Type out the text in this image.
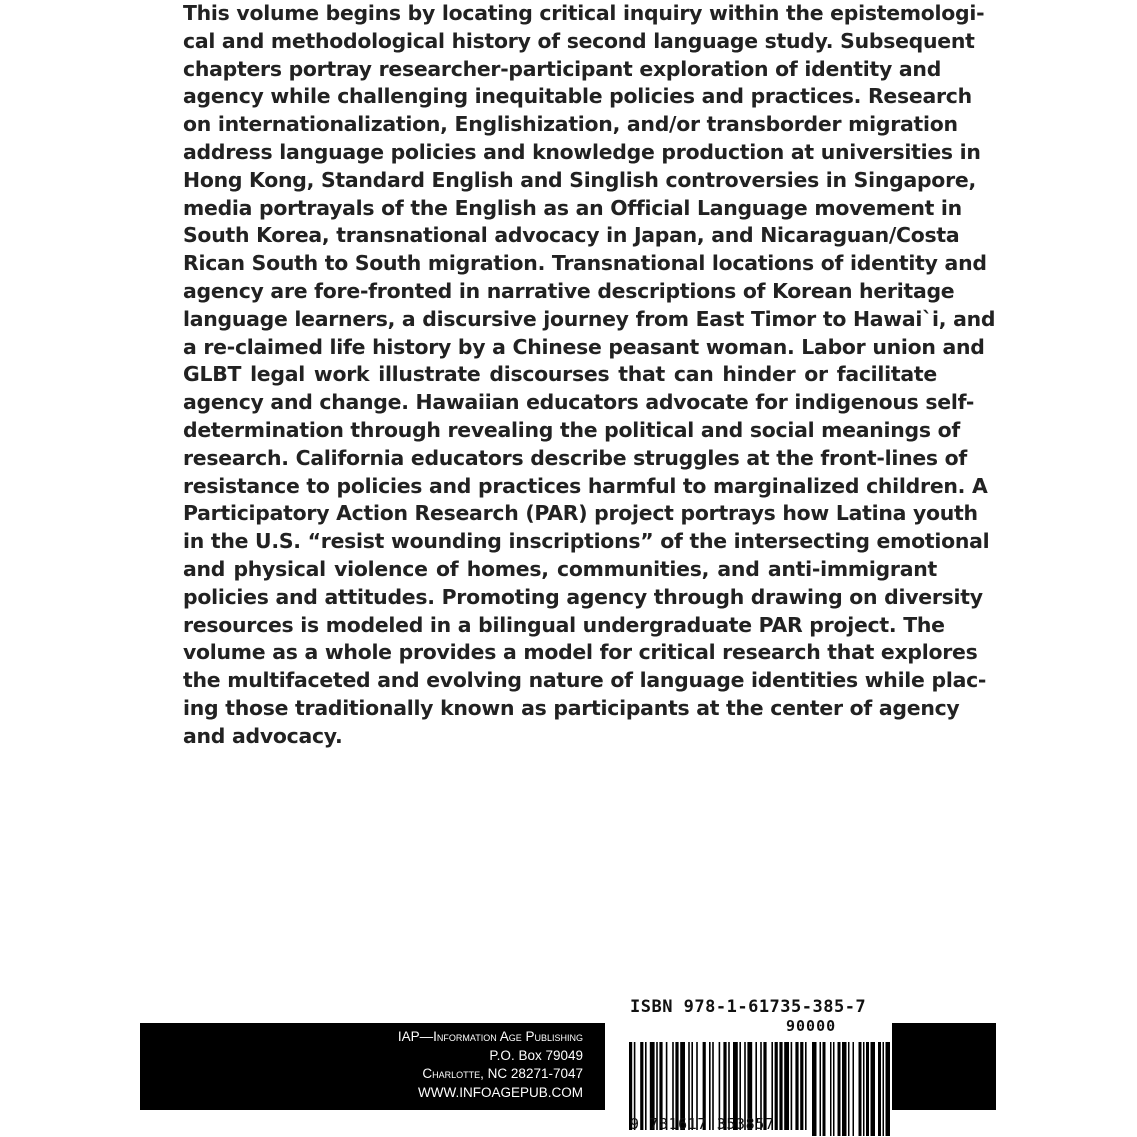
This volume begins by locating critical inquiry within the epistemologi-
cal and methodological history of second language study. Subsequent
chapters portray researcher-participant exploration of identity and
agency while challenging inequitable policies and practices. Research
on internationalization, Englishization, and/or transborder migration
address language policies and knowledge production at universities in
Hong Kong, Standard English and Singlish controversies in Singapore,
media portrayals of the English as an Official Language movement in
South Korea, transnational advocacy in Japan, and Nicaraguan/Costa
Rican South to South migration. Transnational locations of identity and
agency are fore-fronted in narrative descriptions of Korean heritage
language learners, a discursive journey from East Timor to Hawai`i, and
a re-claimed life history by a Chinese peasant woman. Labor union and
GLBT legal work illustrate discourses that can hinder or facilitate
agency and change. Hawaiian educators advocate for indigenous self-
determination through revealing the political and social meanings of
research. California educators describe struggles at the front-lines of
resistance to policies and practices harmful to marginalized children. A
Participatory Action Research (PAR) project portrays how Latina youth
in the U.S. “resist wounding inscriptions” of the intersecting emotional
and physical violence of homes, communities, and anti-immigrant
policies and attitudes. Promoting agency through drawing on diversity
resources is modeled in a bilingual undergraduate PAR project. The
volume as a whole provides a model for critical research that explores
the multifaceted and evolving nature of language identities while plac-
ing those traditionally known as participants at the center of agency
and advocacy.
ISBN 978-1-61735-385-7
IAP—Information Age Publishing
P.O. Box 79049
Charlotte, NC 28271-7047
WWW.INFOAGEPUB.COM
90000
9 781617 353857
